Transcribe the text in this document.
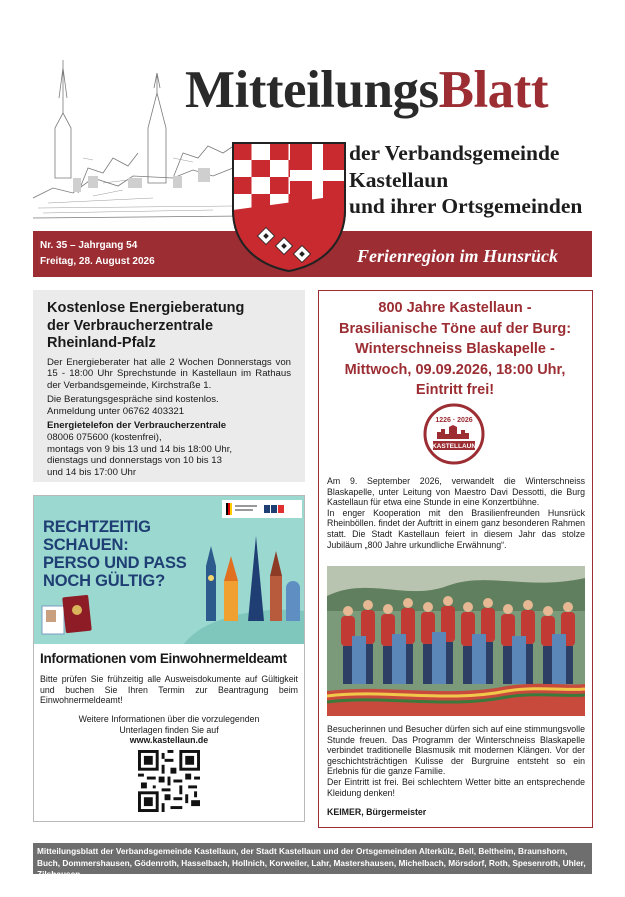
MitteilungsBlatt
der Verbandsgemeinde
Kastellaun
und ihrer Ortsgemeinden
Nr. 35 – Jahrgang 54
Freitag, 28. August 2026	Ferienregion im Hunsrück
Kostenlose Energieberatung
der Verbraucherzentrale
Rheinland-Pfalz

Der Energieberater hat alle 2 Wochen Donnerstags von 15 - 18:00 Uhr Sprechstunde in Kastellaun im Rathaus der Verbandsgemeinde, Kirchstraße 1.

Die Beratungsgespräche sind kostenlos.
Anmeldung unter 06762 403321

Energietelefon der Verbraucherzentrale
08006 075600 (kostenfrei),
montags von 9 bis 13 und 14 bis 18:00 Uhr,
dienstags und donnerstags von 10 bis 13
und 14 bis 17:00 Uhr

RECHTZEITIG
SCHAUEN:
PERSO UND PASS
NOCH GÜLTIG?
Informationen vom Einwohnermeldeamt
Bitte prüfen Sie frühzeitig alle Ausweisdokumente auf Gültigkeit und buchen Sie Ihren Termin zur Beantragung beim Einwohnermeldeamt!
Weitere Informationen über die vorzulegenden
Unterlagen finden Sie auf
www.kastellaun.de
800 Jahre Kastellaun -
Brasilianische Töne auf der Burg:
Winterschneiss Blaskapelle -
Mittwoch, 09.09.2026, 18:00 Uhr,
Eintritt frei!
1226 · 2026
KASTELLAUN
Am 9. September 2026, verwandelt die Winterschneiss Blaskapelle, unter Leitung von Maestro Davi Dessotti, die Burg Kastellaun für etwa eine Stunde in eine Konzertbühne.
In enger Kooperation mit den Brasilienfreunden Hunsrück Rheinböllen. findet der Auftritt in einem ganz besonderen Rahmen statt. Die Stadt Kastellaun feiert in diesem Jahr das stolze Jubiläum „800 Jahre urkundliche Erwähnung“.
Besucherinnen und Besucher dürfen sich auf eine stimmungsvolle Stunde freuen. Das Programm der Winterschneiss Blaskapelle verbindet traditionelle Blasmusik mit modernen Klängen. Vor der geschichtsträchtigen Kulisse der Burgruine entsteht so ein Erlebnis für die ganze Familie.
Der Eintritt ist frei. Bei schlechtem Wetter bitte an entsprechende Kleidung denken!
KEIMER, Bürgermeister
Mitteilungsblatt der Verbandsgemeinde Kastellaun, der Stadt Kastellaun und der Ortsgemeinden Alterkülz, Bell, Beltheim, Braunshorn, Buch, Dommershausen, Gödenroth, Hasselbach, Hollnich, Korweiler, Lahr, Mastershausen, Michelbach, Mörsdorf, Roth, Spesenroth, Uhler, Zilshausen
